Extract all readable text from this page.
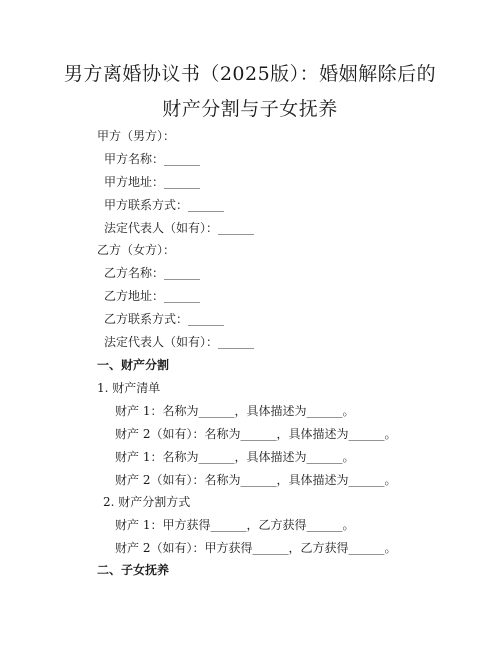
男方离婚协议书（2025版）：婚姻解除后的
财产分割与子女抚养
甲方（男方）：
甲方名称：______
甲方地址：______
甲方联系方式：______
法定代表人（如有）：______
乙方（女方）：
乙方名称：______
乙方地址：______
乙方联系方式：______
法定代表人（如有）：______
一、财产分割
1. 财产清单
财产 1：名称为______，具体描述为______。
财产 2（如有）：名称为______，具体描述为______。
财产 1：名称为______，具体描述为______。
财产 2（如有）：名称为______，具体描述为______。
2. 财产分割方式
财产 1：甲方获得______，乙方获得______。
财产 2（如有）：甲方获得______，乙方获得______。
二、子女抚养
